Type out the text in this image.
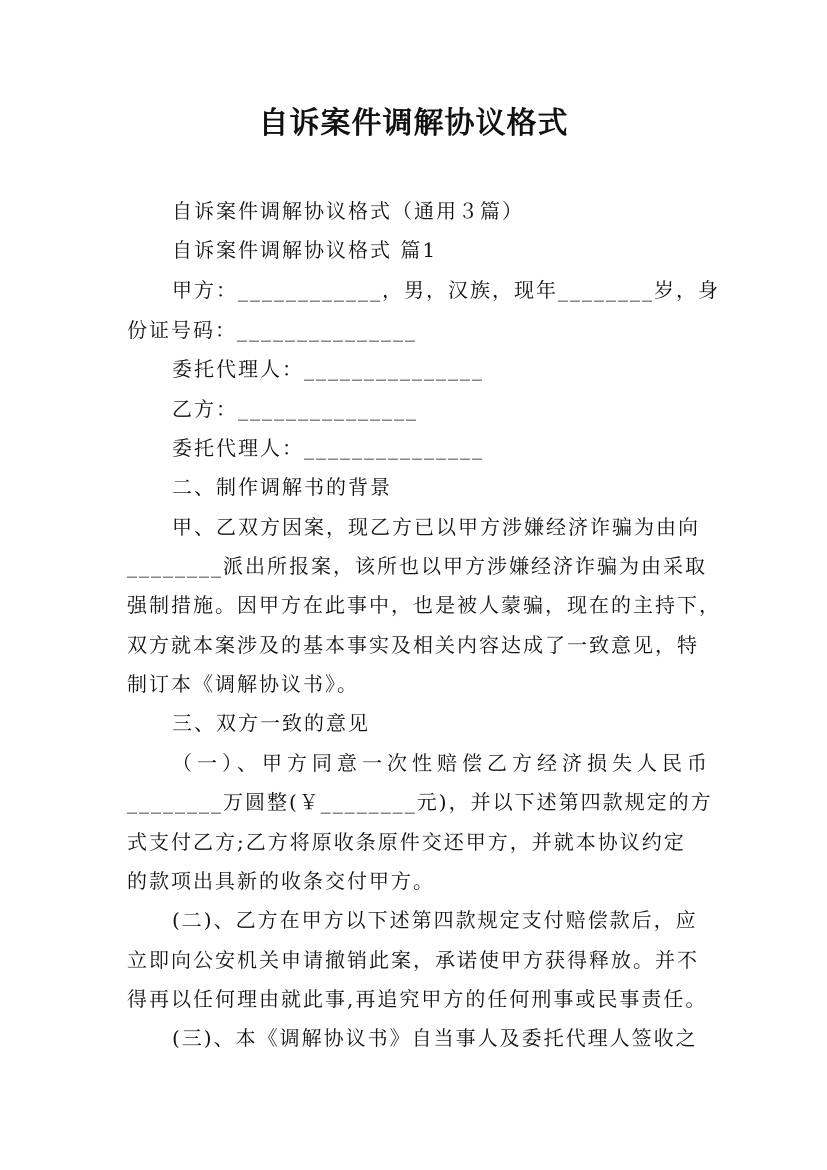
自诉案件调解协议格式
自诉案件调解协议格式（通用３篇）
自诉案件调解协议格式 篇1
甲方：____________，男，汉族，现年________岁，身
份证号码：_______________
委托代理人：_______________
乙方：_______________
委托代理人：_______________
二、制作调解书的背景
甲、乙双方因案，现乙方已以甲方涉嫌经济诈骗为由向
________派出所报案，该所也以甲方涉嫌经济诈骗为由采取
强制措施。因甲方在此事中，也是被人蒙骗，现在的主持下，
双方就本案涉及的基本事实及相关内容达成了一致意见，特
制订本《调解协议书》。
三、双方一致的意见
（一）、甲方同意一次性赔偿乙方经济损失人民币
________万圆整(￥________元)，并以下述第四款规定的方
式支付乙方;乙方将原收条原件交还甲方，并就本协议约定
的款项出具新的收条交付甲方。
(二)、乙方在甲方以下述第四款规定支付赔偿款后，应
立即向公安机关申请撤销此案，承诺使甲方获得释放。并不
得再以任何理由就此事,再追究甲方的任何刑事或民事责任。
(三)、本《调解协议书》自当事人及委托代理人签收之
